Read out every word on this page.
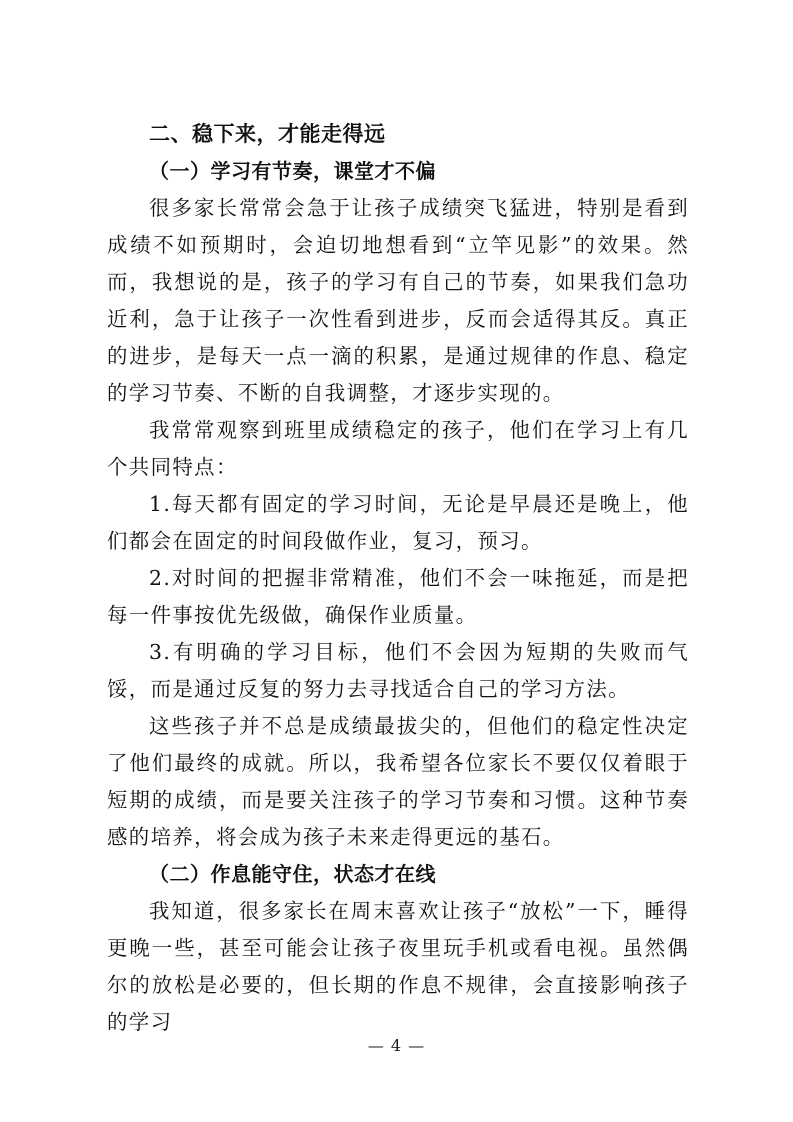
二、稳下来，才能走得远

（一）学习有节奏，课堂才不偏

很多家长常常会急于让孩子成绩突飞猛进，特别是看到成绩不如预期时，会迫切地想看到“立竿见影”的效果。然而，我想说的是，孩子的学习有自己的节奏，如果我们急功近利，急于让孩子一次性看到进步，反而会适得其反。真正的进步，是每天一点一滴的积累，是通过规律的作息、稳定的学习节奏、不断的自我调整，才逐步实现的。

我常常观察到班里成绩稳定的孩子，他们在学习上有几个共同特点：

1.每天都有固定的学习时间，无论是早晨还是晚上，他们都会在固定的时间段做作业，复习，预习。

2.对时间的把握非常精准，他们不会一味拖延，而是把每一件事按优先级做，确保作业质量。

3.有明确的学习目标，他们不会因为短期的失败而气馁，而是通过反复的努力去寻找适合自己的学习方法。

这些孩子并不总是成绩最拔尖的，但他们的稳定性决定了他们最终的成就。所以，我希望各位家长不要仅仅着眼于短期的成绩，而是要关注孩子的学习节奏和习惯。这种节奏感的培养，将会成为孩子未来走得更远的基石。

（二）作息能守住，状态才在线

我知道，很多家长在周末喜欢让孩子“放松”一下，睡得更晚一些，甚至可能会让孩子夜里玩手机或看电视。虽然偶尔的放松是必要的，但长期的作息不规律，会直接影响孩子的学习

— 4 —
